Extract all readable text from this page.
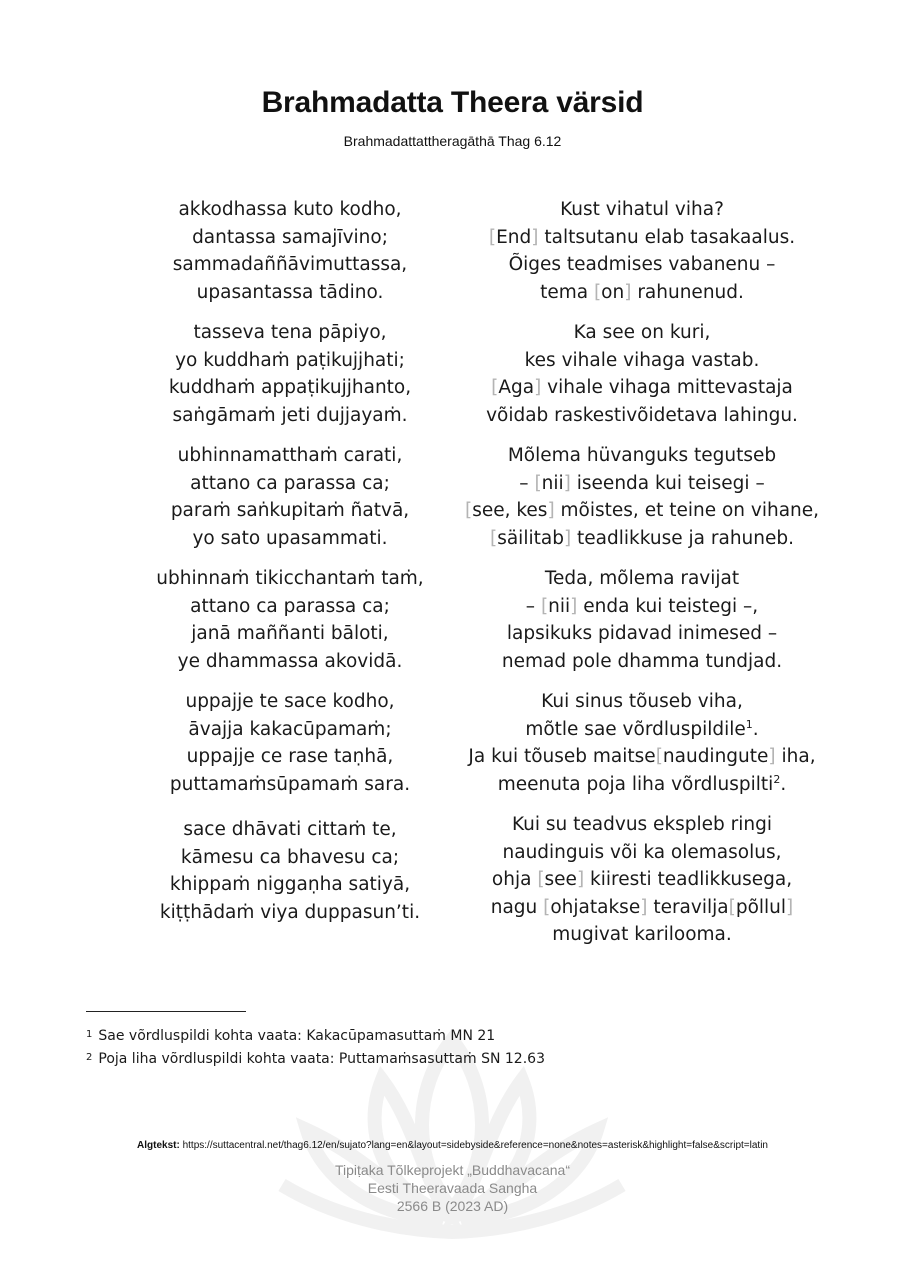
Brahmadatta Theera värsid
Brahmadattattheragāthā Thag 6.12
akkodhassa kuto kodho,
dantassa samajīvino;
sammadaññāvimuttassa,
upasantassa tādino.
tasseva tena pāpiyo,
yo kuddhaṁ paṭikujjhati;
kuddhaṁ appaṭikujjhanto,
saṅgāmaṁ jeti dujjayaṁ.
ubhinnamatthaṁ carati,
attano ca parassa ca;
paraṁ saṅkupitaṁ ñatvā,
yo sato upasammati.
ubhinnaṁ tikicchantaṁ taṁ,
attano ca parassa ca;
janā maññanti bāloti,
ye dhammassa akovidā.
uppajje te sace kodho,
āvajja kakacūpamaṁ;
uppajje ce rase taṇhā,
puttamaṁsūpamaṁ sara.
sace dhāvati cittaṁ te,
kāmesu ca bhavesu ca;
khippaṁ niggaṇha satiyā,
kiṭṭhādaṁ viya duppasun’ti.
Kust vihatul viha?
[End] taltsutanu elab tasakaalus.
Õiges teadmises vabanenu –
tema [on] rahunenud.
Ka see on kuri,
kes vihale vihaga vastab.
[Aga] vihale vihaga mittevastaja
võidab raskestivõidetava lahingu.
Mõlema hüvanguks tegutseb
– [nii] iseenda kui teisegi –
[see, kes] mõistes, et teine on vihane,
[säilitab] teadlikkuse ja rahuneb.
Teda, mõlema ravijat
– [nii] enda kui teistegi –,
lapsikuks pidavad inimesed –
nemad pole dhamma tundjad.
Kui sinus tõuseb viha,
mõtle sae võrdluspildile$^1$.
Ja kui tõuseb maitse[naudingute] iha,
meenuta poja liha võrdluspilti$^2$.
Kui su teadvus ekspleb ringi
naudinguis või ka olemasolus,
ohja [see] kiiresti teadlikkusega,
nagu [ohjatakse] teravilja[põllul]
mugivat karilooma.
$^1$ Sae võrdluspildi kohta vaata: Kakacūpamasuttaṁ MN 21
$^2$ Poja liha võrdluspildi kohta vaata: Puttamaṁsasuttaṁ SN 12.63
Algtekst: https://suttacentral.net/thag6.12/en/sujato?lang=en&layout=sidebyside&reference=none&notes=asterisk&highlight=false&script=latin
Tipiṭaka Tõlkeprojekt „Buddhavacana“
Eesti Theeravaada Sangha
2566 B (2023 AD)
